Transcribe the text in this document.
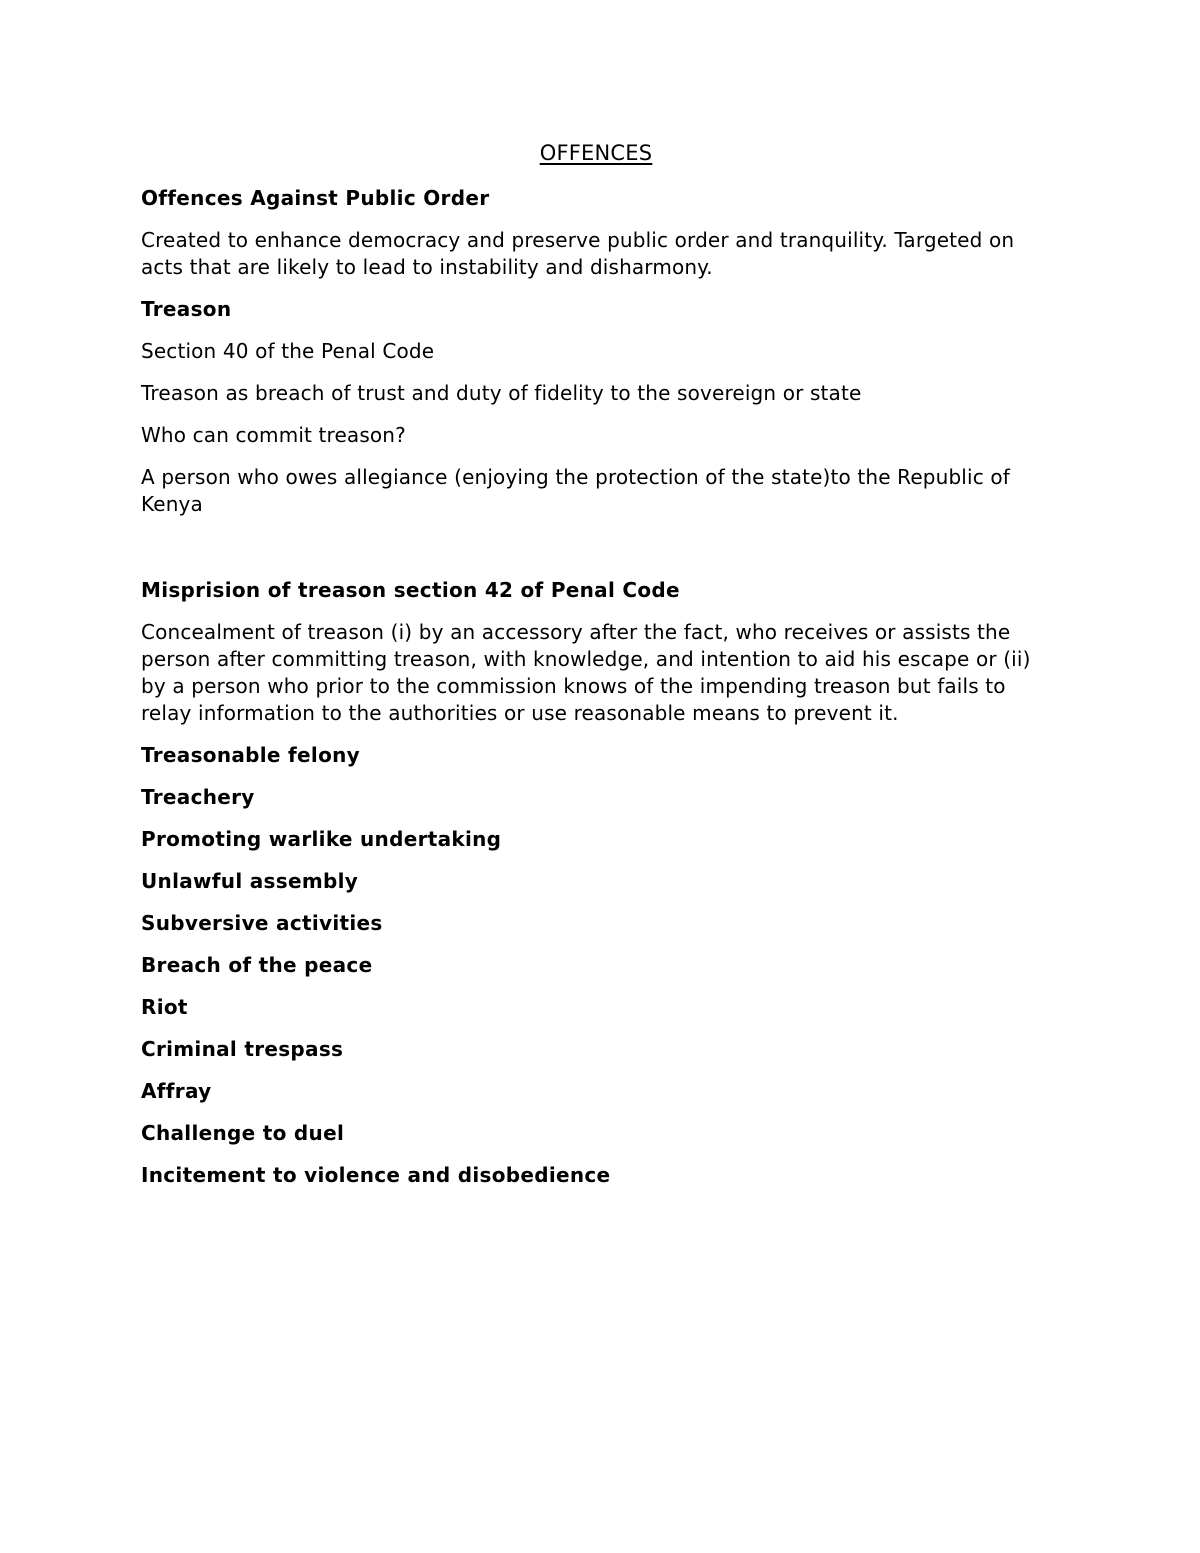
OFFENCES
Offences Against Public Order
Created to enhance democracy and preserve public order and tranquility. Targeted on acts that are likely to lead to instability and disharmony.
Treason
Section 40 of the Penal Code
Treason as breach of trust and duty of fidelity to the sovereign or state
Who can commit treason?
A person who owes allegiance (enjoying the protection of the state)to the Republic of Kenya
Misprision of treason section 42 of Penal Code
Concealment of treason (i) by an accessory after the fact, who receives or assists the person after committing treason, with knowledge, and intention to aid his escape or (ii) by a person who prior to the commission knows of the impending treason but fails to relay information to the authorities or use reasonable means to prevent it.
Treasonable felony
Treachery
Promoting warlike undertaking
Unlawful assembly
Subversive activities
Breach of the peace
Riot
Criminal trespass
Affray
Challenge to duel
Incitement to violence and disobedience
